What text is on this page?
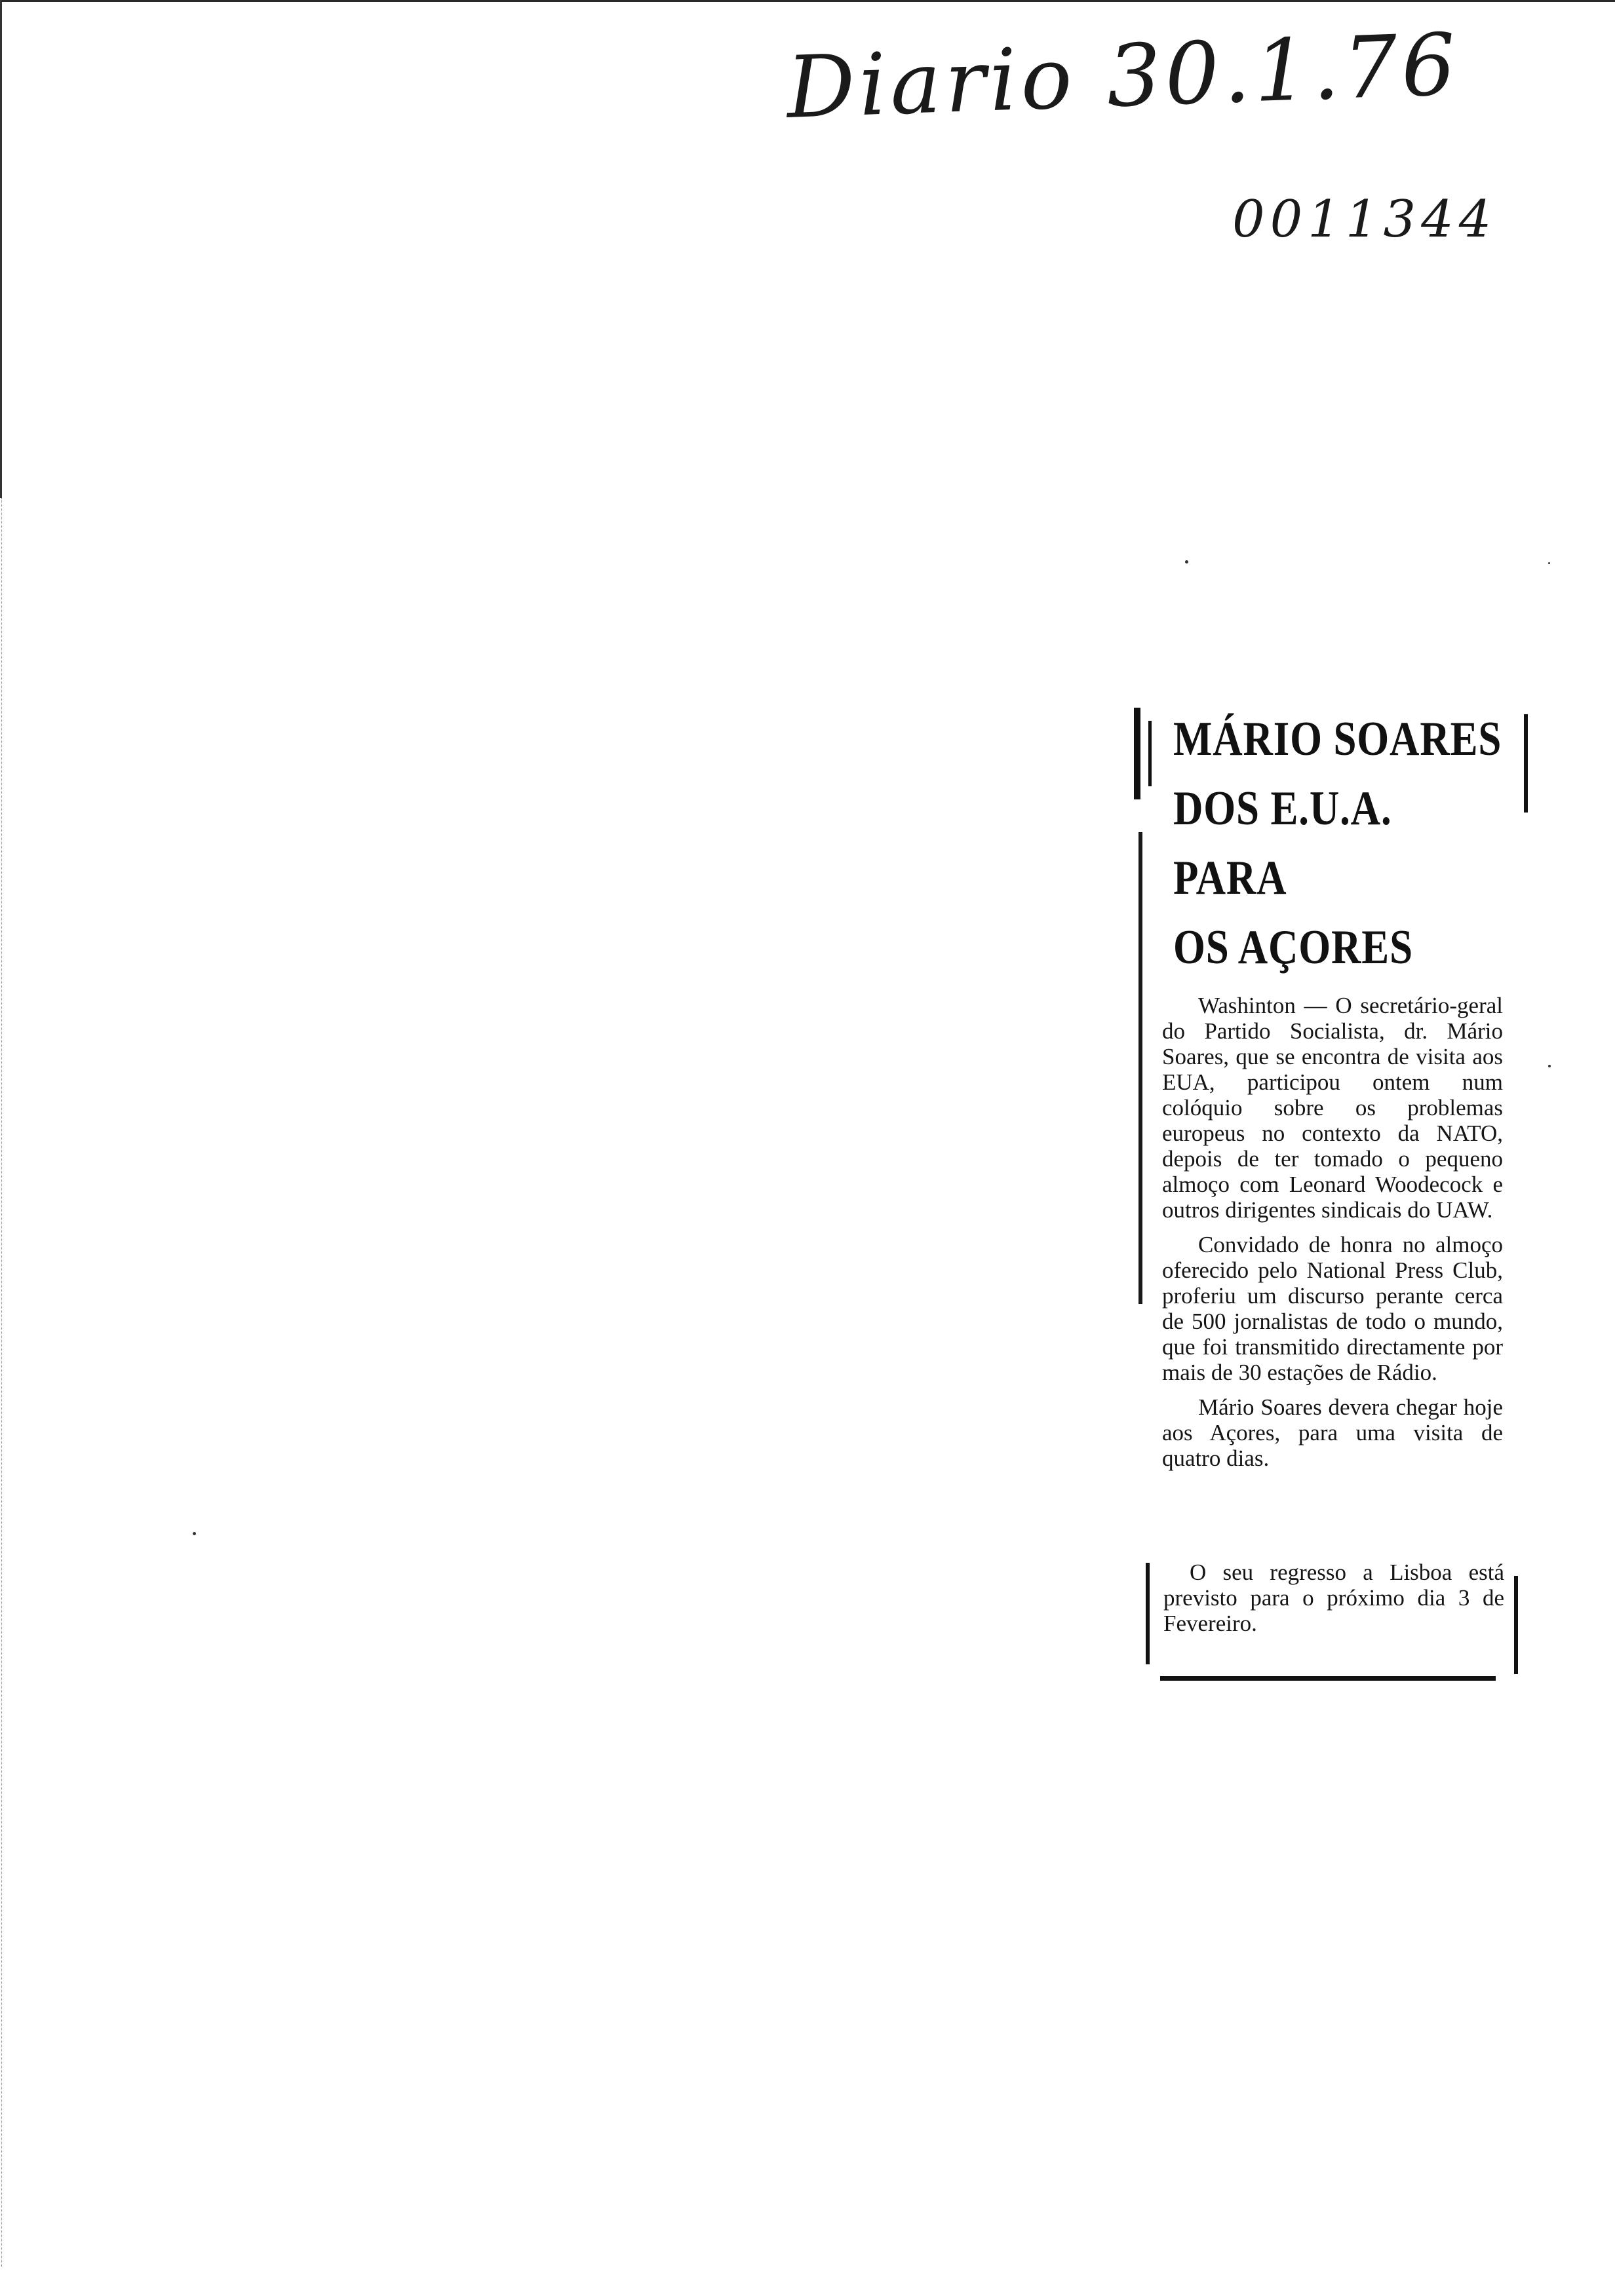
Diario 30.1.76
0011344
MÁRIO SOARES
DOS E.U.A.
PARA
OS AÇORES

Washinton — O secretário-geral do Partido Socialista, dr. Mário Soares, que se encontra de visita aos EUA, participou ontem num colóquio sobre os problemas europeus no contexto da NATO, depois de ter tomado o pequeno almoço com Leonard Woodecock e outros dirigentes sindicais do UAW.

Convidado de honra no almoço oferecido pelo National Press Club, proferiu um discurso perante cerca de 500 jornalistas de todo o mundo, que foi transmitido directamente por mais de 30 estações de Rádio.

Mário Soares devera chegar hoje aos Açores, para uma visita de quatro dias.

O seu regresso a Lisboa está previsto para o próximo dia 3 de Fevereiro.
